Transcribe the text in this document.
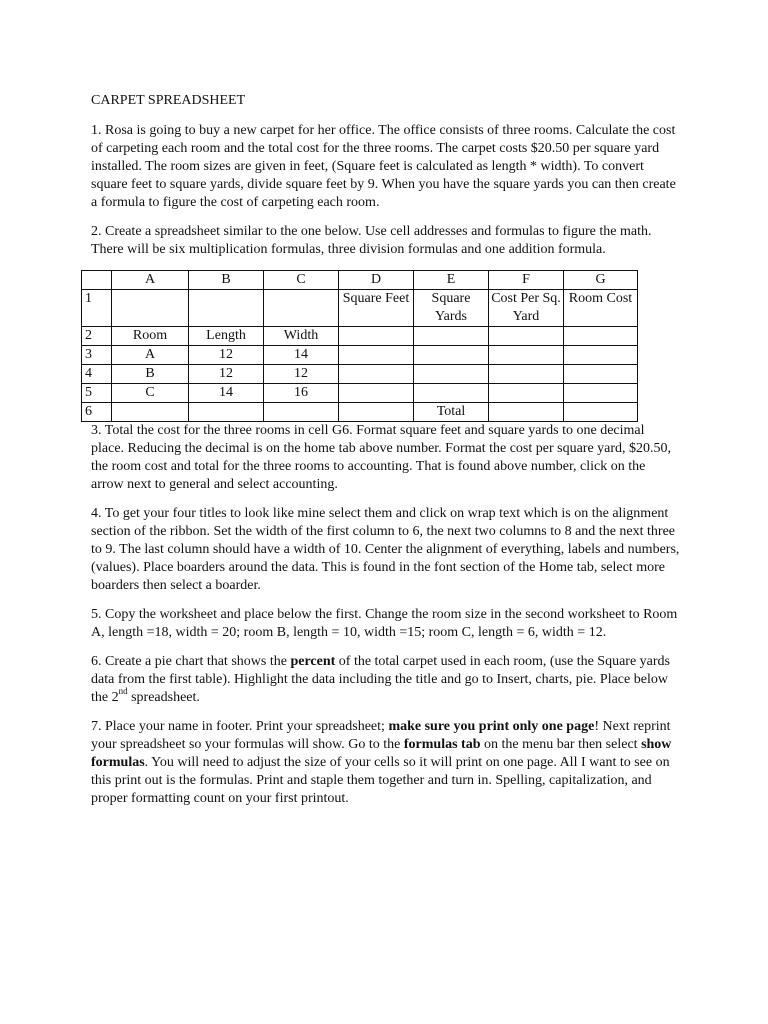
CARPET SPREADSHEET

1. Rosa is going to buy a new carpet for her office. The office consists of three rooms. Calculate the cost of carpeting each room and the total cost for the three rooms. The carpet costs $20.50 per square yard installed. The room sizes are given in feet, (Square feet is calculated as length * width). To convert square feet to square yards, divide square feet by 9. When you have the square yards you can then create a formula to figure the cost of carpeting each room.

2. Create a spreadsheet similar to the one below. Use cell addresses and formulas to figure the math. There will be six multiplication formulas, three division formulas and one addition formula.

	A	B	C	D	E	F	G
1				Square Feet	Square Yards	Cost Per Sq. Yard	Room Cost
2	Room	Length	Width				
3	A	12	14				
4	B	12	12				
5	C	14	16				
6					Total		

3. Total the cost for the three rooms in cell G6. Format square feet and square yards to one decimal place. Reducing the decimal is on the home tab above number. Format the cost per square yard, $20.50, the room cost and total for the three rooms to accounting. That is found above number, click on the arrow next to general and select accounting.

4. To get your four titles to look like mine select them and click on wrap text which is on the alignment section of the ribbon. Set the width of the first column to 6, the next two columns to 8 and the next three to 9. The last column should have a width of 10. Center the alignment of everything, labels and numbers, (values). Place boarders around the data. This is found in the font section of the Home tab, select more boarders then select a boarder.

5. Copy the worksheet and place below the first. Change the room size in the second worksheet to Room A, length =18, width = 20; room B, length = 10, width =15; room C, length = 6, width = 12.

6. Create a pie chart that shows the percent of the total carpet used in each room, (use the Square yards data from the first table). Highlight the data including the title and go to Insert, charts, pie. Place below the 2nd spreadsheet.

7. Place your name in footer. Print your spreadsheet; make sure you print only one page! Next reprint your spreadsheet so your formulas will show. Go to the formulas tab on the menu bar then select show formulas. You will need to adjust the size of your cells so it will print on one page. All I want to see on this print out is the formulas. Print and staple them together and turn in. Spelling, capitalization, and proper formatting count on your first printout.
